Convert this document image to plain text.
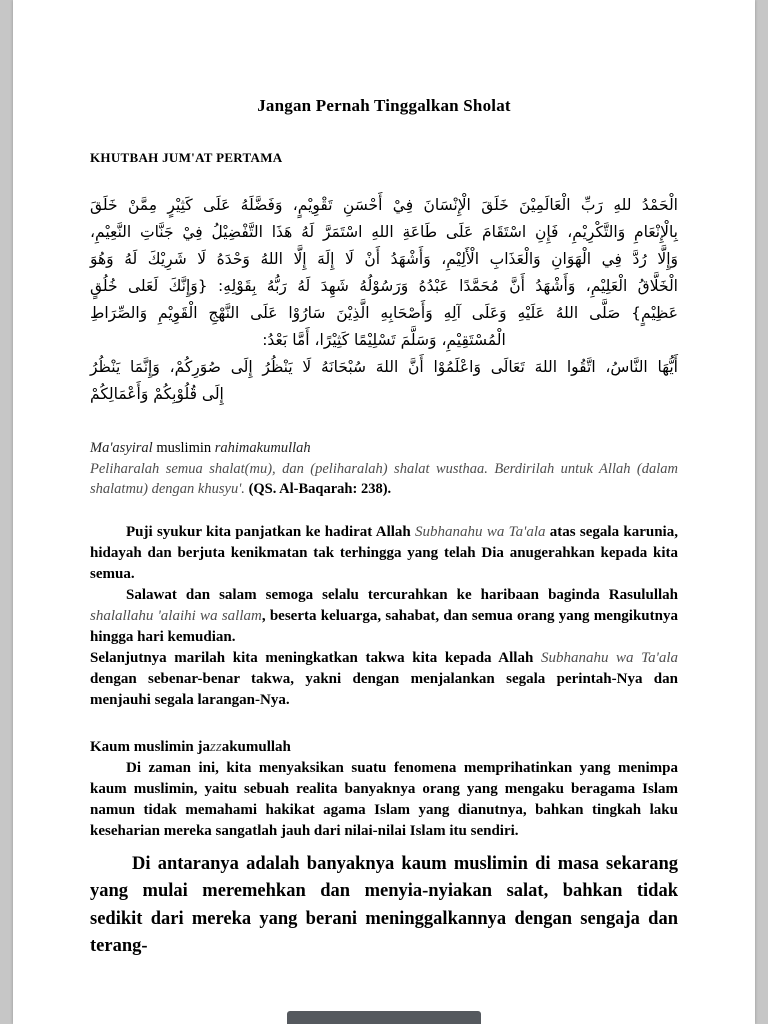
Jangan Pernah Tinggalkan Sholat
KHUTBAH JUM'AT PERTAMA
الْحَمْدُ للهِ رَبِّ الْعَالَمِيْنَ خَلَقَ الْإِنْسَانَ فِيْ أَحْسَنِ تَقْوِيْمٍ، وَفَضَّلَهُ عَلَى كَثِيْرٍ مِمَّنْ خَلَقَ
بِالْإِنْعَامِ وَالتَّكْرِيْمِ، فَإِنِ اسْتَقَامَ عَلَى طَاعَةِ اللهِ اسْتَمَرَّ لَهُ هَذَا التَّفْضِيْلُ فِيْ جَنَّاتِ النَّعِيْمِ،
وَإِلَّا رُدَّ فِي الْهَوَانِ وَالْعَذَابِ الْأَلِيْمِ، وَأَشْهَدُ أَنْ لَا إِلَهَ إِلَّا اللهُ وَحْدَهُ لَا شَرِيْكَ لَهُ وَهُوَ
الْخَلَّاقُ الْعَلِيْمِ، وَأَشْهَدُ أَنَّ مُحَمَّدًا عَبْدُهُ وَرَسُوْلُهُ شَهِدَ لَهُ رَبُّهُ بِقَوْلِهِ: {وَإِنَّكَ لَعَلى خُلُقٍ
عَظِيْمٍ} صَلَّى اللهُ عَلَيْهِ وَعَلَى آلِهِ وَأَصْحَابِهِ الَّذِيْنَ سَارُوْا عَلَى النَّهْجِ الْقَوِيْمِ وَالصِّرَاطِ
الْمُسْتَقِيْمِ، وَسَلَّمَ تَسْلِيْمًا كَثِيْرًا، أَمَّا بَعْدُ:
أَيُّهَا النَّاسُ، اتَّقُوا اللهَ تَعَالَى وَاعْلَمُوْا أَنَّ اللهَ سُبْحَانَهُ لَا يَنْظُرُ إِلَى صُوَرِكُمْ، وَإِنَّمَا يَنْظُرُ
إِلَى قُلُوْبِكُمْ وَأَعْمَالِكُمْ

Ma'asyiral muslimin rahimakumullah

Peliharalah semua shalat(mu), dan (peliharalah) shalat wusthaa. Berdirilah untuk Allah (dalam shalatmu) dengan khusyu'. (QS. Al-Baqarah: 238).

Puji syukur kita panjatkan ke hadirat Allah Subhanahu wa Ta'ala atas segala karunia, hidayah dan berjuta kenikmatan tak terhingga yang telah Dia anugerahkan kepada kita semua.

Salawat dan salam semoga selalu tercurahkan ke haribaan baginda Rasulullah shalallahu 'alaihi wa sallam, beserta keluarga, sahabat, dan semua orang yang mengikutnya hingga hari kemudian.

Selanjutnya marilah kita meningkatkan takwa kita kepada Allah Subhanahu wa Ta'ala dengan sebenar-benar takwa, yakni dengan menjalankan segala perintah-Nya dan menjauhi segala larangan-Nya.

Kaum muslimin jazzakumullah

Di zaman ini, kita menyaksikan suatu fenomena memprihatinkan yang menimpa kaum muslimin, yaitu sebuah realita banyaknya orang yang mengaku beragama Islam namun tidak memahami hakikat agama Islam yang dianutnya, bahkan tingkah laku keseharian mereka sangatlah jauh dari nilai-nilai Islam itu sendiri.

Di antaranya adalah banyaknya kaum muslimin di masa sekarang yang mulai meremehkan dan menyia-nyiakan salat, bahkan tidak sedikit dari mereka yang berani meninggalkannya dengan sengaja dan terang-
